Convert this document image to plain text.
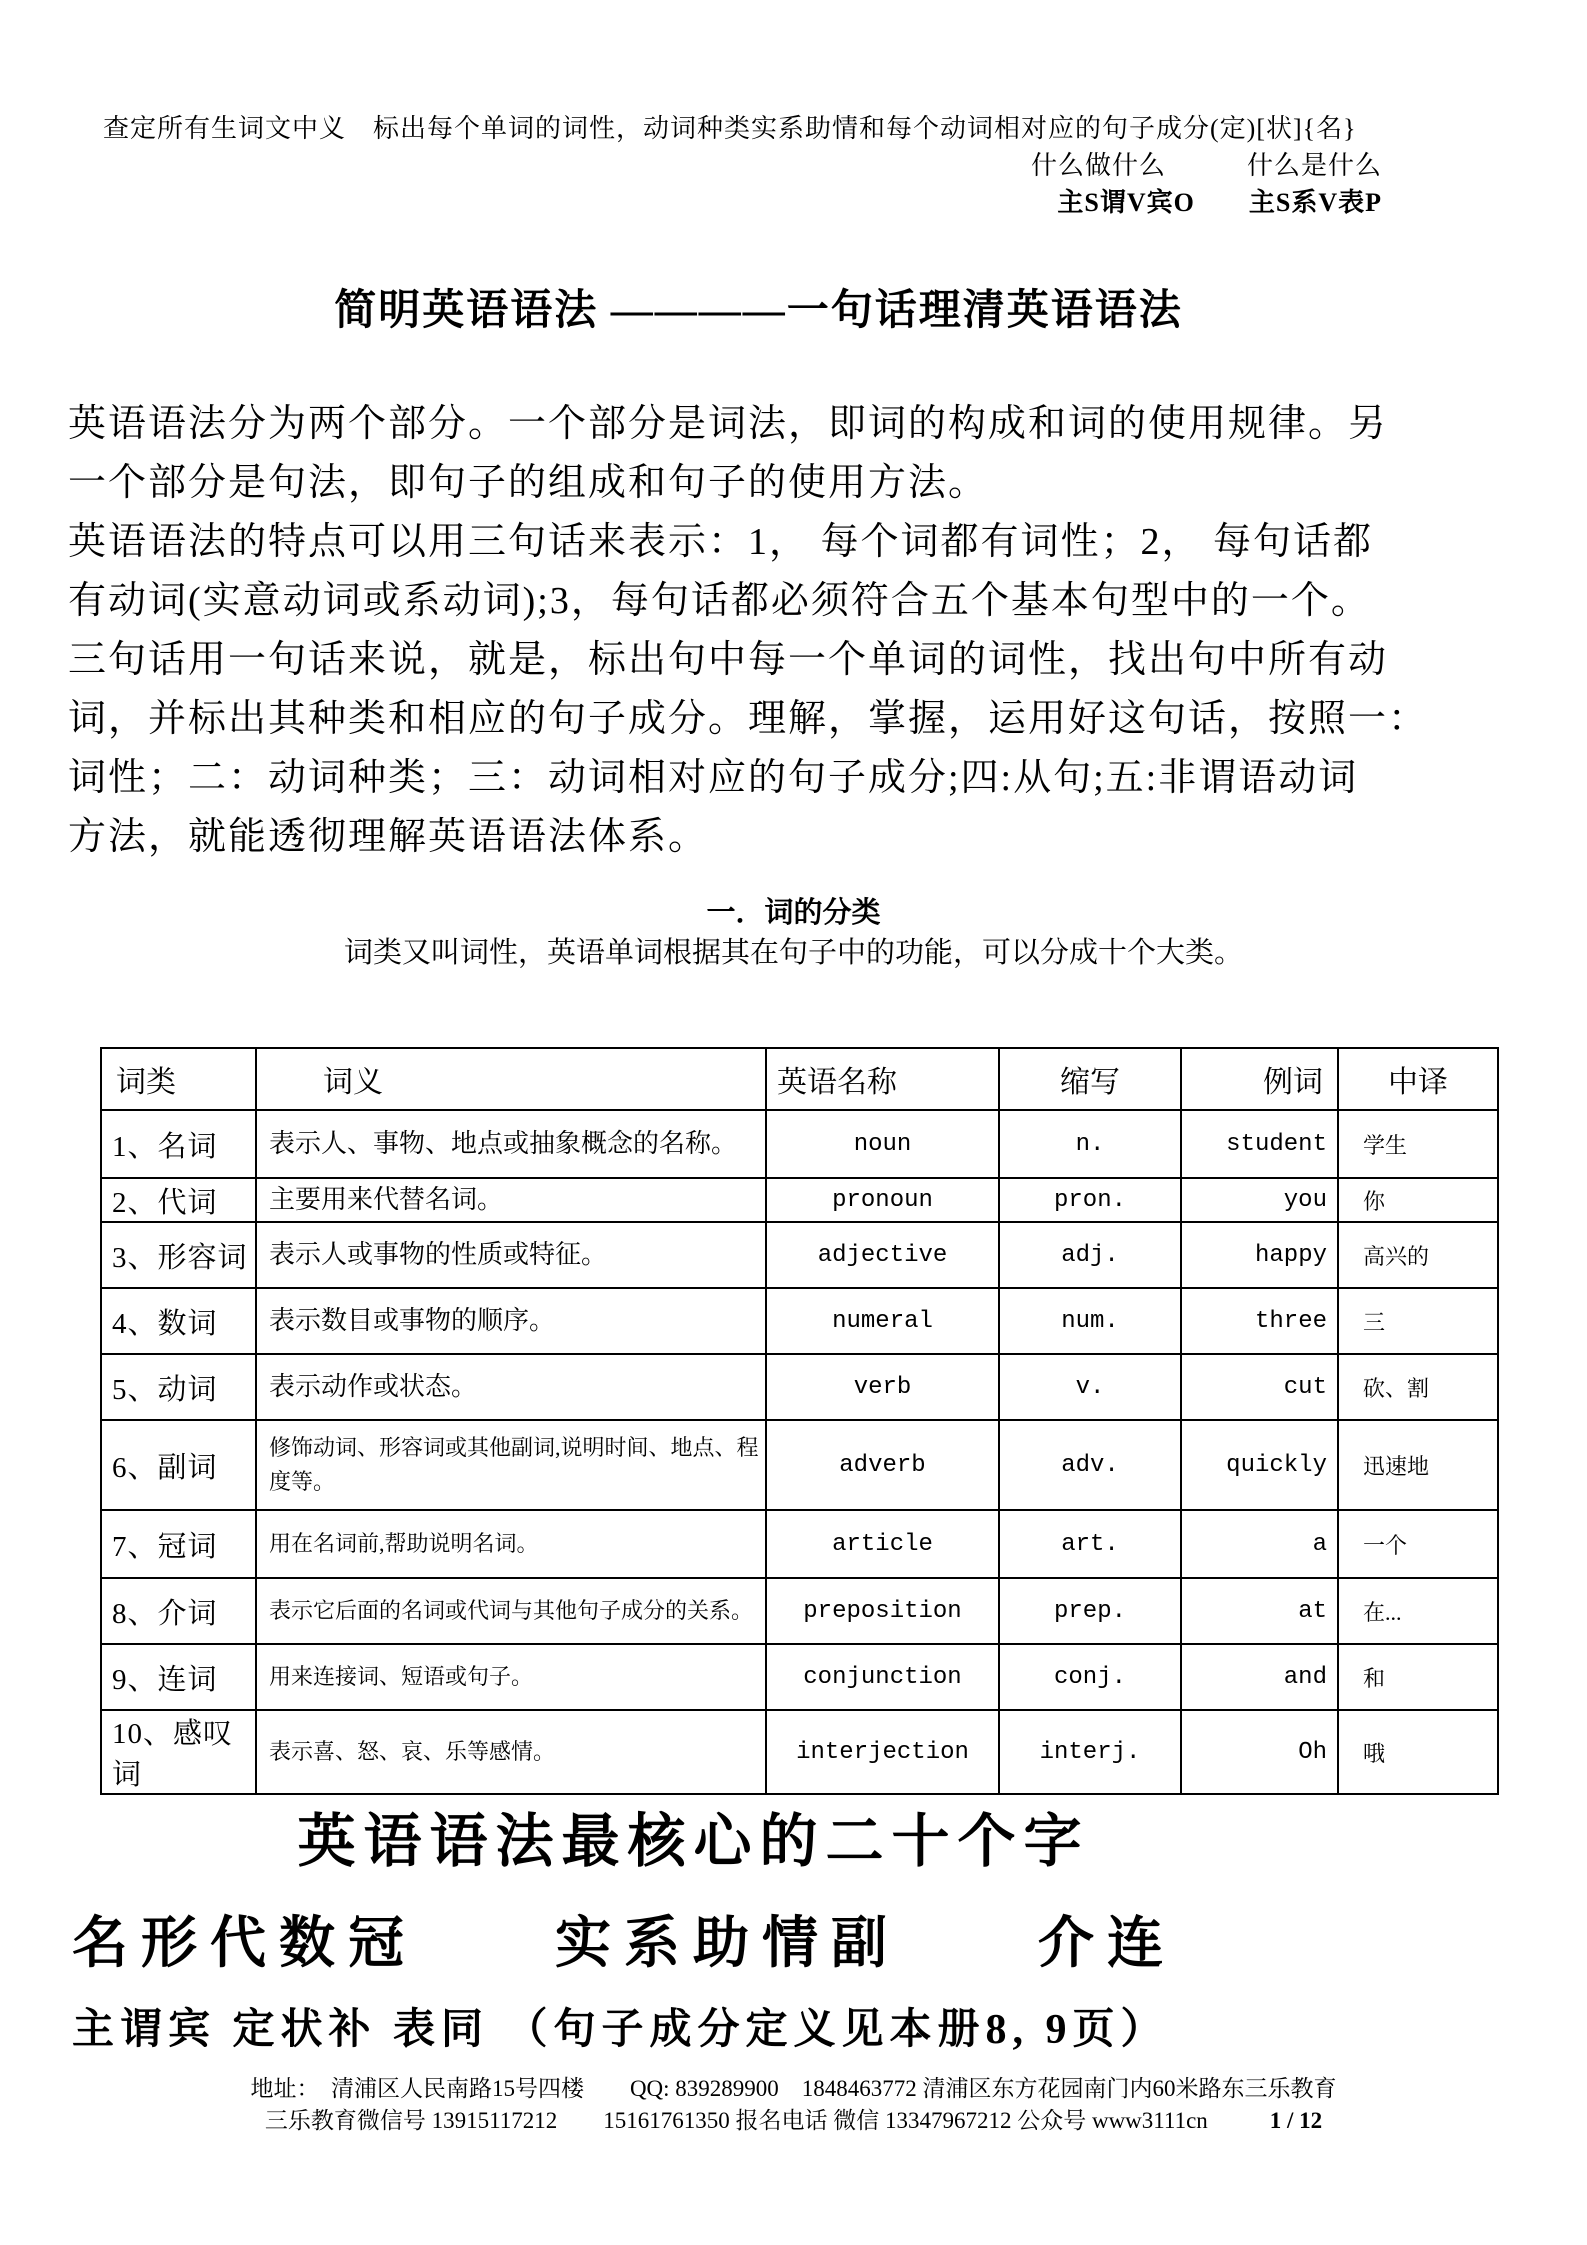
查定所有生词文中义　标出每个单词的词性，动词种类实系助情和每个动词相对应的句子成分(定)[状]{名}
什么做什么　　　什么是什么
主S谓V宾O　　主S系V表P
简明英语语法 ————一句话理清英语语法
英语语法分为两个部分。一个部分是词法，即词的构成和词的使用规律。另
一个部分是句法，即句子的组成和句子的使用方法。
英语语法的特点可以用三句话来表示：1， 每个词都有词性；2， 每句话都
有动词(实意动词或系动词);3，每句话都必须符合五个基本句型中的一个。
三句话用一句话来说，就是，标出句中每一个单词的词性，找出句中所有动
词，并标出其种类和相应的句子成分。理解，掌握，运用好这句话，按照一：
词性；二：动词种类；三：动词相对应的句子成分;四:从句;五:非谓语动词
方法，就能透彻理解英语语法体系。
一．词的分类
词类又叫词性，英语单词根据其在句子中的功能，可以分成十个大类。
词类	词义	英语名称	缩写	例词	中译
1、名词	表示人、事物、地点或抽象概念的名称。	noun	n.	student	学生
2、代词	主要用来代替名词。	pronoun	pron.	you	你
3、形容词	表示人或事物的性质或特征。	adjective	adj.	happy	高兴的
4、数词	表示数目或事物的顺序。	numeral	num.	three	三
5、动词	表示动作或状态。	verb	v.	cut	砍、割
6、副词	修饰动词、形容词或其他副词,说明时间、地点、程度等。	adverb	adv.	quickly	迅速地
7、冠词	用在名词前,帮助说明名词。	article	art.	a	一个
8、介词	表示它后面的名词或代词与其他句子成分的关系。	preposition	prep.	at	在...
9、连词	用来连接词、短语或句子。	conjunction	conj.	and	和
10、感叹词	表示喜、怒、哀、乐等感情。	interjection	interj.	Oh	哦
英语语法最核心的二十个字
名形代数冠　　实系助情副　　介连
主谓宾 定状补 表同 （句子成分定义见本册8, 9页）
地址：　清浦区人民南路15号四楼　　QQ: 839289900　1848463772 清浦区东方花园南门内60米路东三乐教育
三乐教育微信号 13915117212　　15161761350 报名电话 微信 13347967212 公众号 www3111cn	1 / 12
